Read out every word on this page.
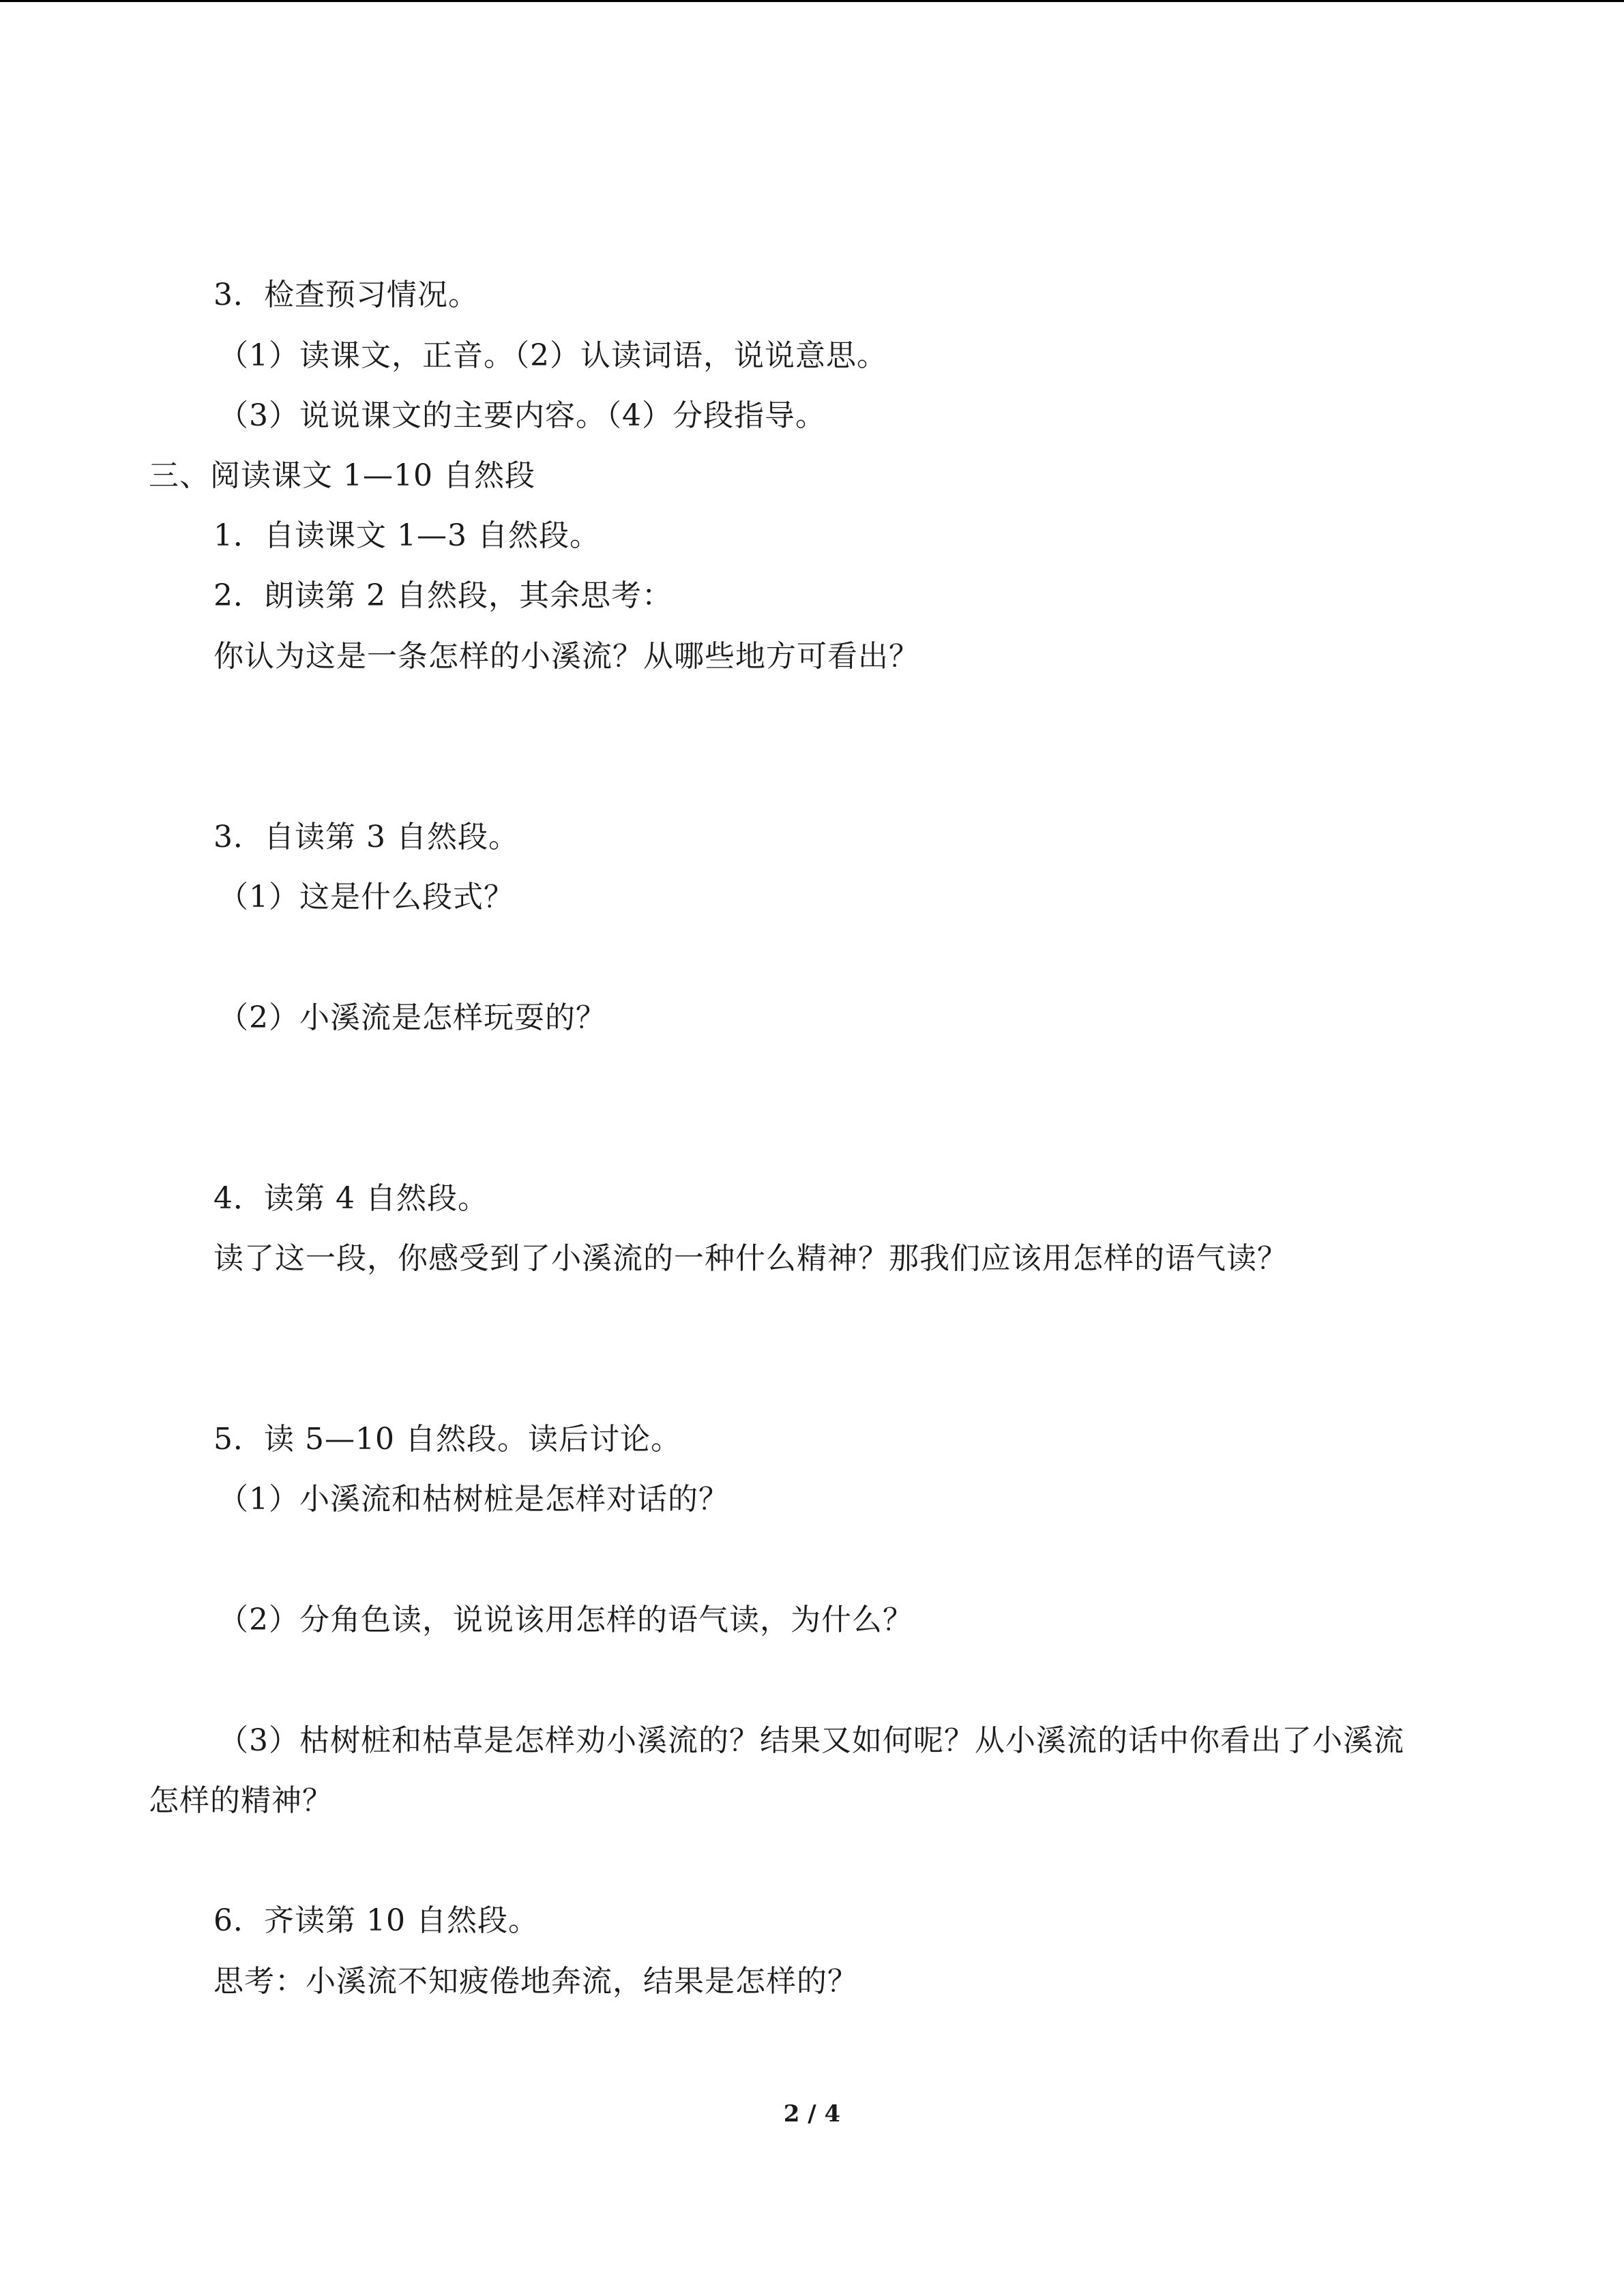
3．检查预习情况。
（1）读课文，正音。（2）认读词语，说说意思。
（3）说说课文的主要内容。（4）分段指导。
三、阅读课文 1—10 自然段
1．自读课文 1—3 自然段。
2．朗读第 2 自然段，其余思考：
你认为这是一条怎样的小溪流？从哪些地方可看出？
3．自读第 3 自然段。
（1）这是什么段式？
（2）小溪流是怎样玩耍的？
4．读第 4 自然段。
读了这一段，你感受到了小溪流的一种什么精神？那我们应该用怎样的语气读？
5．读 5—10 自然段。读后讨论。
（1）小溪流和枯树桩是怎样对话的？
（2）分角色读，说说该用怎样的语气读，为什么？
（3）枯树桩和枯草是怎样劝小溪流的？结果又如何呢？从小溪流的话中你看出了小溪流
怎样的精神？
6．齐读第 10 自然段。
思考：小溪流不知疲倦地奔流，结果是怎样的？
2 / 4
